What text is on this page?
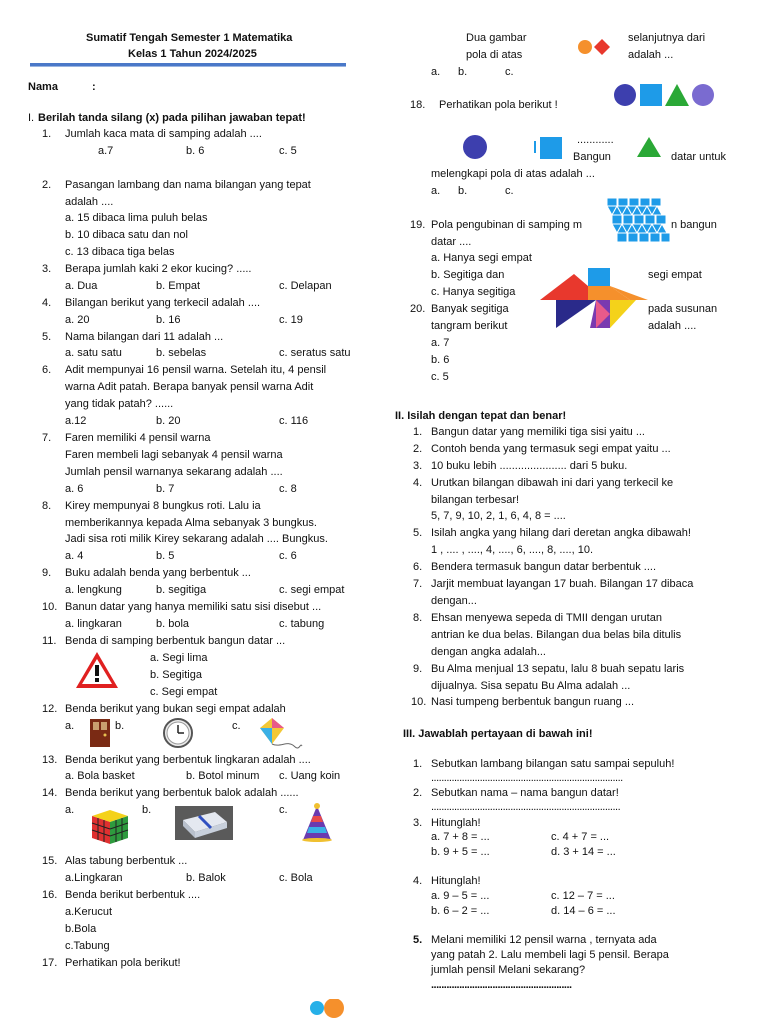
Sumatif Tengah Semester 1 Matematika
Kelas 1 Tahun 2024/2025
Nama	:
I. Berilah tanda silang (x) pada pilihan jawaban tepat!
1. Jumlah kaca mata di samping adalah ....
a.7	b. 6	c. 5
2. Pasangan lambang dan nama bilangan yang tepat
adalah ....
a. 15 dibaca lima puluh belas
b. 10 dibaca satu dan nol
c. 13 dibaca tiga belas
3. Berapa jumlah kaki 2 ekor kucing? .....
a. Dua	b. Empat	c. Delapan
4. Bilangan berikut yang terkecil adalah ....
a. 20	b. 16	c. 19
5. Nama bilangan dari 11 adalah ...
a. satu satu	b. sebelas	c. seratus satu
6. Adit mempunyai 16 pensil warna. Setelah itu, 4 pensil
warna Adit patah. Berapa banyak pensil warna Adit
yang tidak patah? ......
a.12	b. 20	c. 116
7. Faren memiliki 4 pensil warna
Faren membeli lagi sebanyak 4 pensil warna
Jumlah pensil warnanya sekarang adalah ....
a. 6	b. 7	c. 8
8. Kirey mempunyai 8 bungkus roti. Lalu ia
memberikannya kepada Alma sebanyak 3 bungkus.
Jadi sisa roti milik Kirey sekarang adalah .... Bungkus.
a. 4	b. 5	c. 6
9. Buku adalah benda yang berbentuk ...
a. lengkung	b. segitiga	c. segi empat
10. Banun datar yang hanya memiliki satu sisi disebut ...
a. lingkaran	b. bola	c. tabung
11. Benda di samping berbentuk bangun datar ...
a. Segi lima
b. Segitiga
c. Segi empat
12. Benda berikut yang bukan segi empat adalah
a.	b.	c.
13. Benda berikut yang berbentuk lingkaran adalah ....
a. Bola basket	b. Botol minum c. Uang koin
14. Benda berikut yang berbentuk balok adalah ......
a.	b.	c.
15. Alas tabung berbentuk ...
a.Lingkaran	b. Balok	c. Bola
16. Benda berikut berbentuk ....
a.Kerucut
b.Bola
c.Tabung
17. Perhatikan pola berikut!
Dua gambar	selanjutnya dari
pola di atas	adalah ...
a. b.	c.
18. Perhatikan pola berikut !
............
Bangun	datar untuk
melengkapi pola di atas adalah ...
a. b.	c.
19. Pola pengubinan di samping m	n bangun
datar ....
a. Hanya segi empat
b. Segitiga dan	segi empat
c. Hanya segitiga
20. Banyak segitiga	pada susunan
tangram berikut	adalah ....
a. 7
b. 6
c. 5
II. Isilah dengan tepat dan benar!
1. Bangun datar yang memiliki tiga sisi yaitu ...
2. Contoh benda yang termasuk segi empat yaitu ...
3. 10 buku lebih ...................... dari 5 buku.
4. Urutkan bilangan dibawah ini dari yang terkecil ke
bilangan terbesar!
5, 7, 9, 10, 2, 1, 6, 4, 8 = ....
5. Isilah angka yang hilang dari deretan angka dibawah!
1 , .... , ...., 4, ...., 6, ...., 8, ...., 10.
6. Bendera termasuk bangun datar berbentuk ....
7. Jarjit membuat layangan 17 buah. Bilangan 17 dibaca
dengan...
8. Ehsan menyewa sepeda di TMII dengan urutan
antrian ke dua belas. Bilangan dua belas bila ditulis
dengan angka adalah...
9. Bu Alma menjual 13 sepatu, lalu 8 buah sepatu laris
dijualnya. Sisa sepatu Bu Alma adalah ...
10. Nasi tumpeng berbentuk bangun ruang ...
III. Jawablah pertayaan di bawah ini!
1. Sebutkan lambang bilangan satu sampai sepuluh!
...........................................................................
2. Sebutkan nama – nama bangun datar!
..........................................................................
3. Hitunglah!
a. 7 + 8 = ...	c. 4 + 7 = ...
b. 9 + 5 = ...	d. 3 + 14 = ...
4. Hitunglah!
a. 9 – 5 = ...	c. 12 – 7 = ...
b. 6 – 2 = ...	d. 14 – 6 = ...
5. Melani memiliki 12 pensil warna , ternyata ada
yang patah 2. Lalu membeli lagi 5 pensil. Berapa
jumlah pensil Melani sekarang?
.......................................................
